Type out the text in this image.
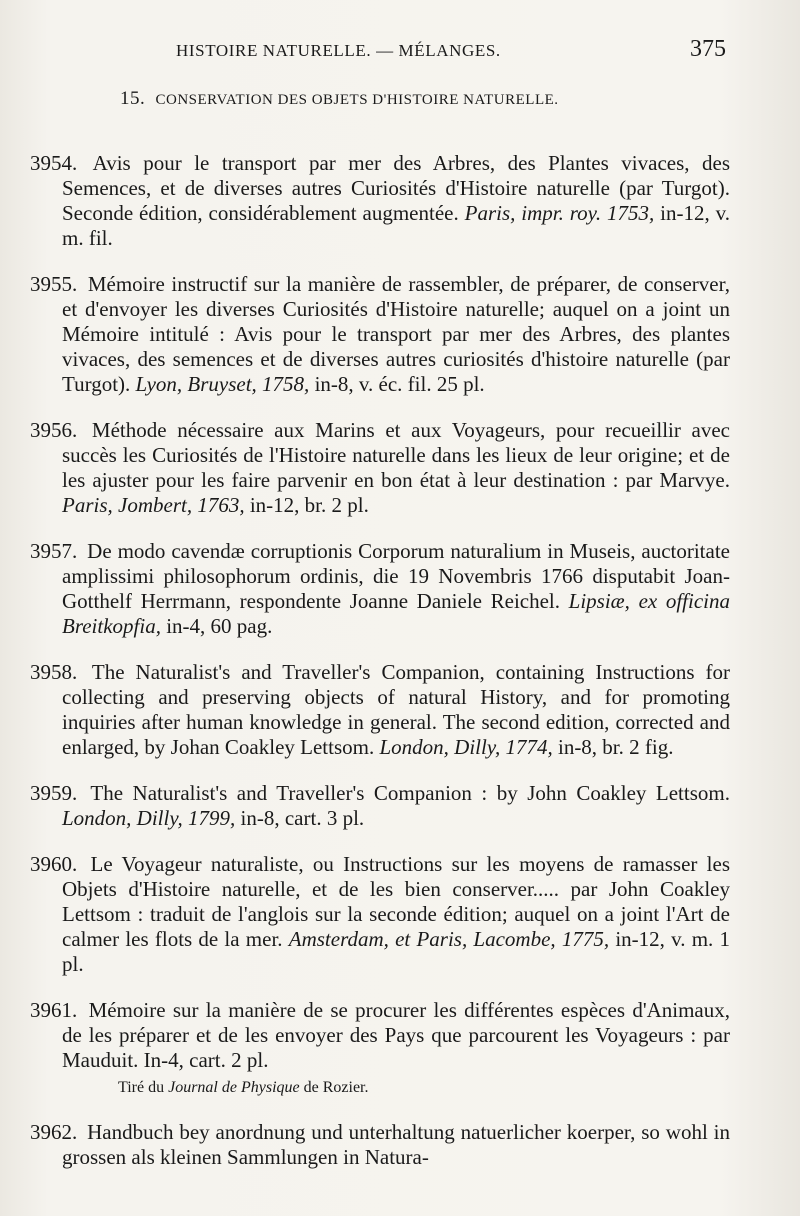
HISTOIRE NATURELLE. — MÉLANGES.	375
15. CONSERVATION DES OBJETS D'HISTOIRE NATURELLE.

3954. Avis pour le transport par mer des Arbres, des Plantes vivaces, des Semences, et de diverses autres Curiosités d'Histoire naturelle (par Turgot). Seconde édition, considérablement augmentée. Paris, impr. roy. 1753, in-12, v. m. fil.

3955. Mémoire instructif sur la manière de rassembler, de préparer, de conserver, et d'envoyer les diverses Curiosités d'Histoire naturelle; auquel on a joint un Mémoire intitulé : Avis pour le transport par mer des Arbres, des plantes vivaces, des semences et de diverses autres curiosités d'histoire naturelle (par Turgot). Lyon, Bruyset, 1758, in-8, v. éc. fil. 25 pl.

3956. Méthode nécessaire aux Marins et aux Voyageurs, pour recueillir avec succès les Curiosités de l'Histoire naturelle dans les lieux de leur origine; et de les ajuster pour les faire parvenir en bon état à leur destination : par Marvye. Paris, Jombert, 1763, in-12, br. 2 pl.

3957. De modo cavendæ corruptionis Corporum naturalium in Museis, auctoritate amplissimi philosophorum ordinis, die 19 Novembris 1766 disputabit Joan-Gotthelf Herrmann, respondente Joanne Daniele Reichel. Lipsiæ, ex officina Breitkopfia, in-4, 60 pag.

3958. The Naturalist's and Traveller's Companion, containing Instructions for collecting and preserving objects of natural History, and for promoting inquiries after human knowledge in general. The second edition, corrected and enlarged, by Johan Coakley Lettsom. London, Dilly, 1774, in-8, br. 2 fig.

3959. The Naturalist's and Traveller's Companion : by John Coakley Lettsom. London, Dilly, 1799, in-8, cart. 3 pl.

3960. Le Voyageur naturaliste, ou Instructions sur les moyens de ramasser les Objets d'Histoire naturelle, et de les bien conserver..... par John Coakley Lettsom : traduit de l'anglois sur la seconde édition; auquel on a joint l'Art de calmer les flots de la mer. Amsterdam, et Paris, Lacombe, 1775, in-12, v. m. 1 pl.

3961. Mémoire sur la manière de se procurer les différentes espèces d'Animaux, de les préparer et de les envoyer des Pays que parcourent les Voyageurs : par Mauduit. In-4, cart. 2 pl.

Tiré du Journal de Physique de Rozier.

3962. Handbuch bey anordnung und unterhaltung natuerlicher koerper, so wohl in grossen als kleinen Sammlungen in Natura-
